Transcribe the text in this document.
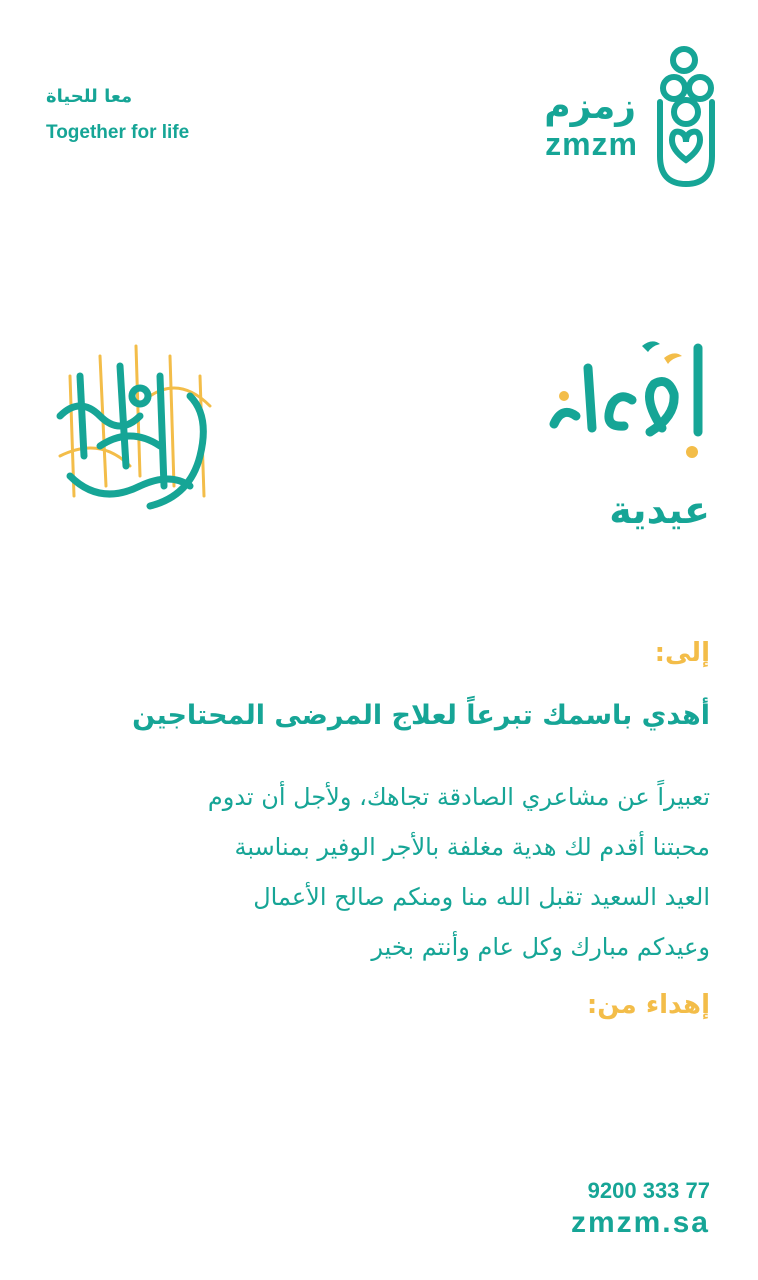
معا للحياة
Together for life
زمزم
zmzm
عيدية
إلى:
أهدي باسمك تبرعاً لعلاج المرضى المحتاجين
تعبيراً عن مشاعري الصادقة تجاهك، ولأجل أن تدوم
محبتنا أقدم لك هدية مغلفة بالأجر الوفير بمناسبة
العيد السعيد تقبل الله منا ومنكم صالح الأعمال
وعيدكم مبارك وكل عام وأنتم بخير
إهداء من:
9200 333 77
zmzm.sa
